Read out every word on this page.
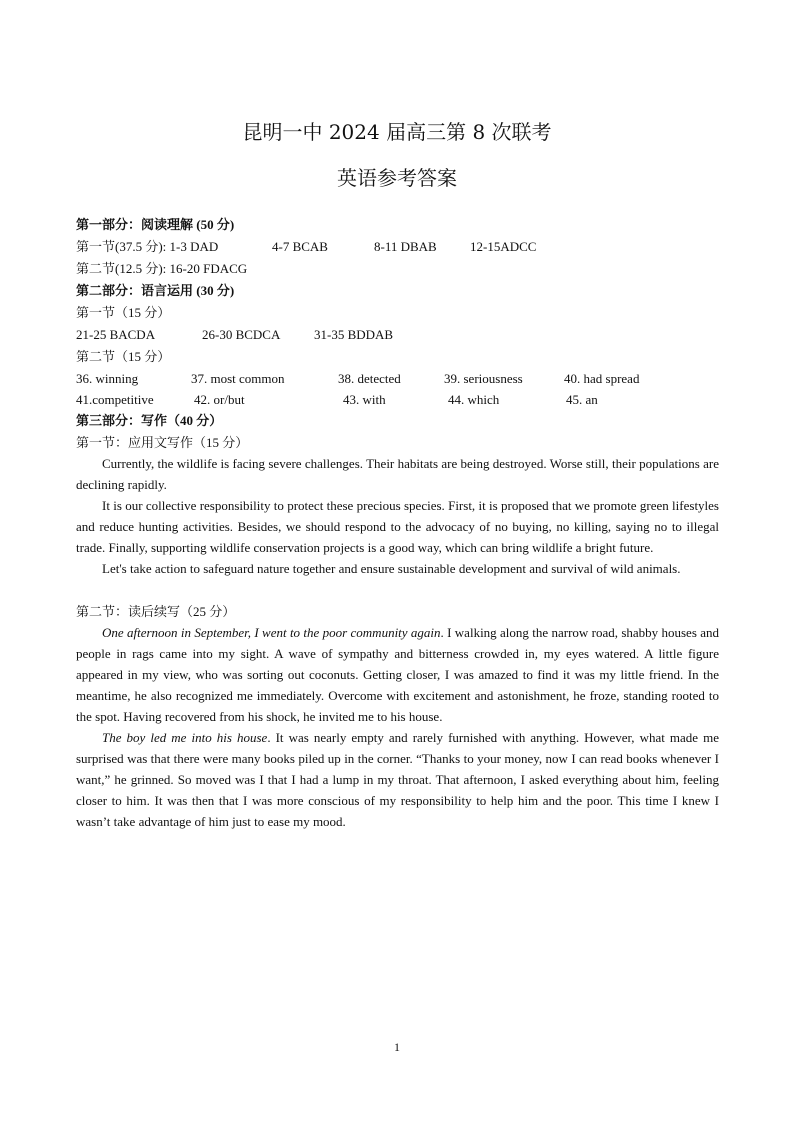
昆明一中 2024 届高三第 8 次联考
英语参考答案
第一部分：阅读理解 (50 分)
第一节(37.5 分): 1-3 DAD	4-7 BCAB	8-11 DBAB	12-15ADCC
第二节(12.5 分): 16-20 FDACG
第二部分：语言运用 (30 分)
第一节（15 分）
21-25 BACDA	26-30 BCDCA	31-35 BDDAB
第二节（15 分）
36. winning	37. most common	38. detected	39. seriousness	40. had spread
41.competitive	42. or/but	43. with	44. which	45. an
第三部分：写作（40 分）
第一节：应用文写作（15 分）

Currently, the wildlife is facing severe challenges. Their habitats are being destroyed. Worse still, their populations are declining rapidly.

It is our collective responsibility to protect these precious species. First, it is proposed that we promote green lifestyles and reduce hunting activities. Besides, we should respond to the advocacy of no buying, no killing, saying no to illegal trade. Finally, supporting wildlife conservation projects is a good way, which can bring wildlife a bright future.

Let's take action to safeguard nature together and ensure sustainable development and survival of wild animals.

第二节：读后续写（25 分）

One afternoon in September, I went to the poor community again. I walking along the narrow road, shabby houses and people in rags came into my sight. A wave of sympathy and bitterness crowded in, my eyes watered. A little figure appeared in my view, who was sorting out coconuts. Getting closer, I was amazed to find it was my little friend. In the meantime, he also recognized me immediately. Overcome with excitement and astonishment, he froze, standing rooted to the spot. Having recovered from his shock, he invited me to his house.

The boy led me into his house. It was nearly empty and rarely furnished with anything. However, what made me surprised was that there were many books piled up in the corner. “Thanks to your money, now I can read books whenever I want,” he grinned. So moved was I that I had a lump in my throat. That afternoon, I asked everything about him, feeling closer to him. It was then that I was more conscious of my responsibility to help him and the poor. This time I knew I wasn’t take advantage of him just to ease my mood.

1
